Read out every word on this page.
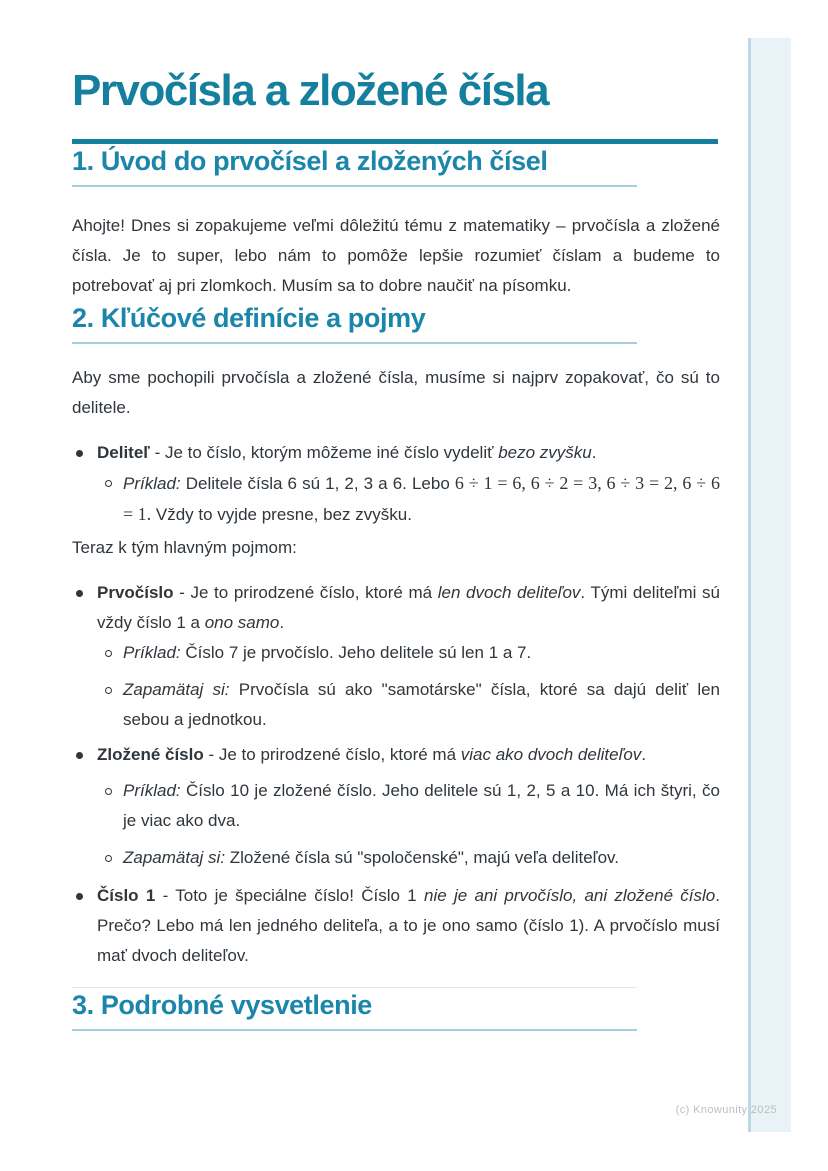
Prvočísla a zložené čísla
1. Úvod do prvočísel a zložených čísel

Ahojte! Dnes si zopakujeme veľmi dôležitú tému z matematiky – prvočísla a zložené čísla. Je to super, lebo nám to pomôže lepšie rozumieť číslam a budeme to potrebovať aj pri zlomkoch. Musím sa to dobre naučiť na písomku.

2. Kľúčové definície a pojmy

Aby sme pochopili prvočísla a zložené čísla, musíme si najprv zopakovať, čo sú to delitele.

Deliteľ - Je to číslo, ktorým môžeme iné číslo vydeliť bezo zvyšku.
Príklad: Delitele čísla 6 sú 1, 2, 3 a 6. Lebo 6 ÷ 1 = 6, 6 ÷ 2 = 3, 6 ÷ 3 = 2, 6 ÷ 6 = 1. Vždy to vyjde presne, bez zvyšku.

Teraz k tým hlavným pojmom:

Prvočíslo - Je to prirodzené číslo, ktoré má len dvoch deliteľov. Tými deliteľmi sú vždy číslo 1 a ono samo.
Príklad: Číslo 7 je prvočíslo. Jeho delitele sú len 1 a 7.
Zapamätaj si: Prvočísla sú ako "samotárske" čísla, ktoré sa dajú deliť len sebou a jednotkou.
Zložené číslo - Je to prirodzené číslo, ktoré má viac ako dvoch deliteľov.
Príklad: Číslo 10 je zložené číslo. Jeho delitele sú 1, 2, 5 a 10. Má ich štyri, čo je viac ako dva.
Zapamätaj si: Zložené čísla sú "spoločenské", majú veľa deliteľov.
Číslo 1 - Toto je špeciálne číslo! Číslo 1 nie je ani prvočíslo, ani zložené číslo. Prečo? Lebo má len jedného deliteľa, a to je ono samo (číslo 1). A prvočíslo musí mať dvoch deliteľov.
3. Podrobné vysvetlenie
(c) Knowunity 2025
